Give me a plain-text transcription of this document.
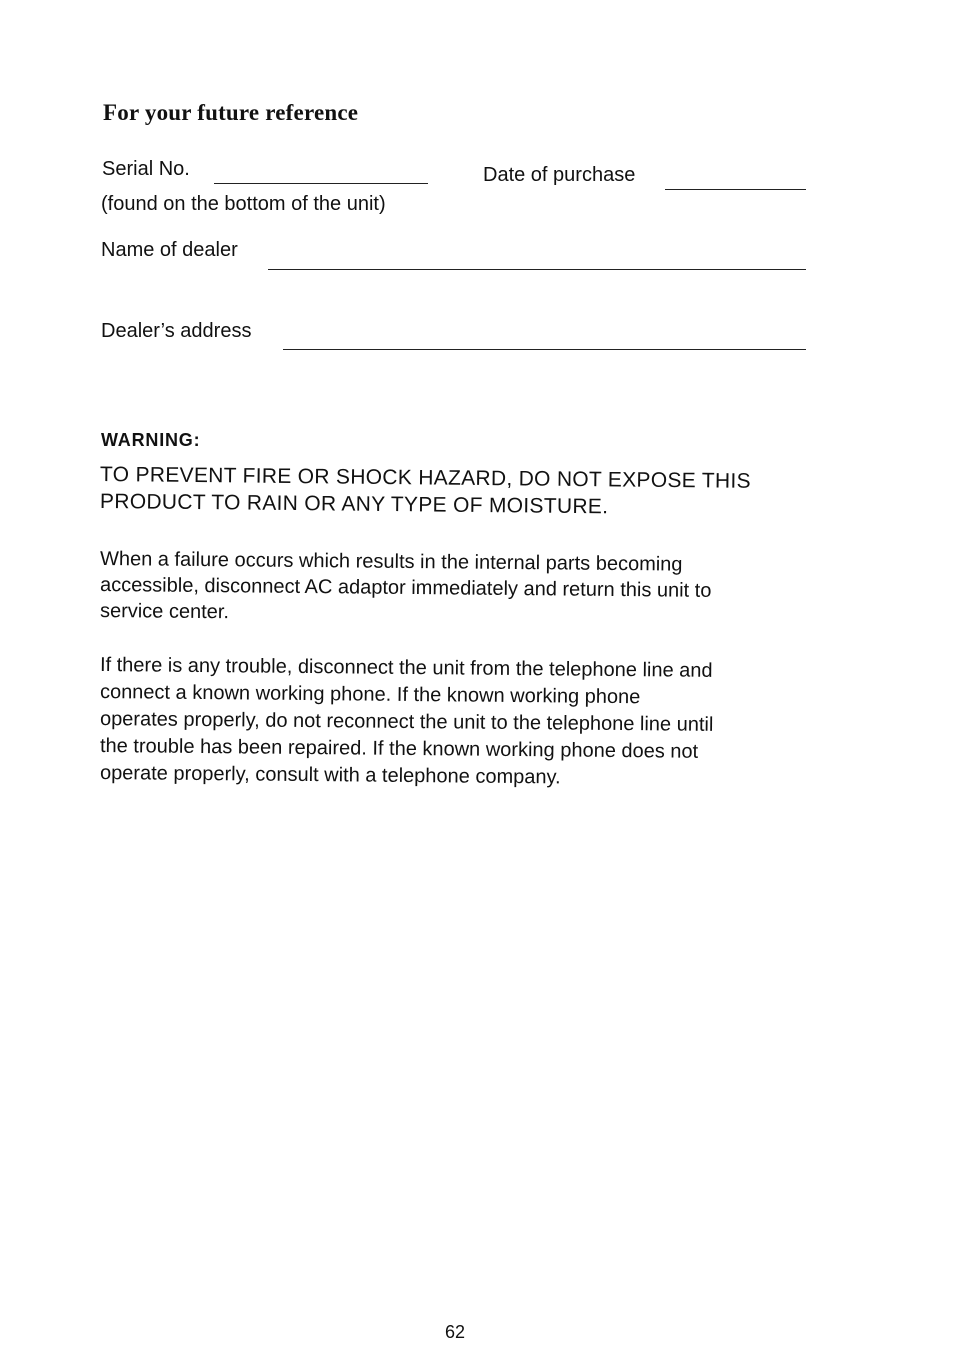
For your future reference
Serial No.
(found on the bottom of the unit)
Date of purchase
Name of dealer
Dealer’s address
WARNING:
TO PREVENT FIRE OR SHOCK HAZARD, DO NOT EXPOSE THIS
PRODUCT TO RAIN OR ANY TYPE OF MOISTURE.
When a failure occurs which results in the internal parts becoming
accessible, disconnect AC adaptor immediately and return this unit to
service center.
If there is any trouble, disconnect the unit from the telephone line and
connect a known working phone. If the known working phone
operates properly, do not reconnect the unit to the telephone line until
the trouble has been repaired. If the known working phone does not
operate properly, consult with a telephone company.
62
